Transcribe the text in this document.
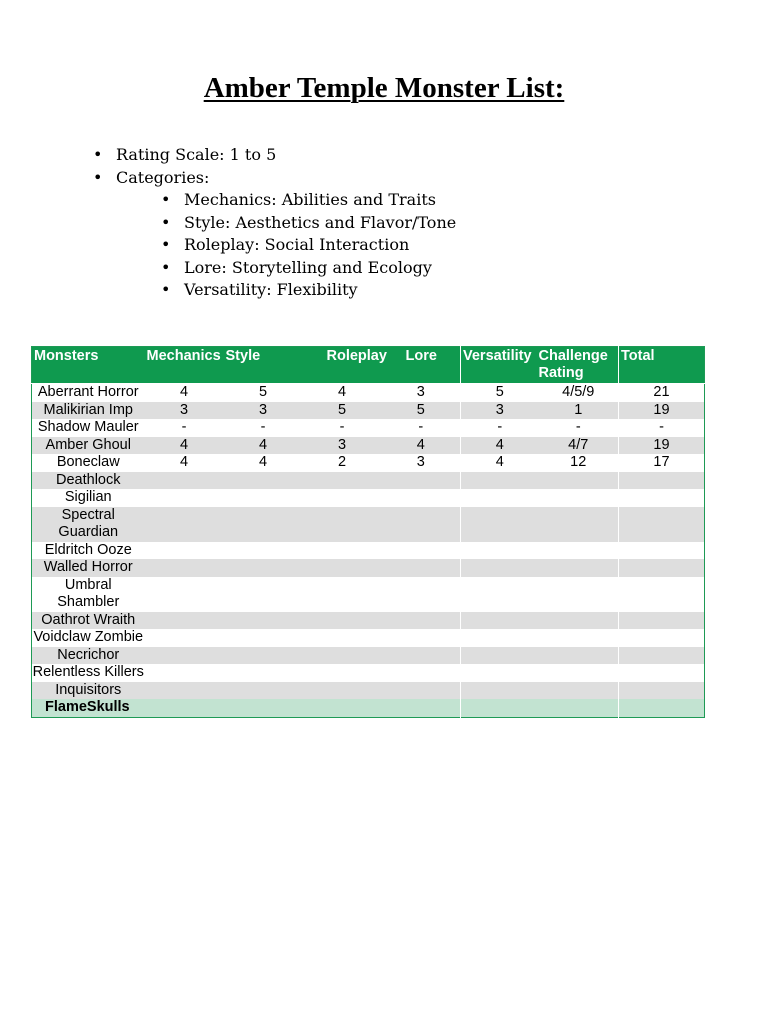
Amber Temple Monster List:
• Rating Scale: 1 to 5
• Categories:
• Mechanics: Abilities and Traits
• Style: Aesthetics and Flavor/Tone
• Roleplay: Social Interaction
• Lore: Storytelling and Ecology
• Versatility: Flexibility
Monsters	Mechanics	Style	Roleplay	Lore	Versatility	Challenge Rating	Total
Aberrant Horror	4	5	4	3	5	4/5/9	21
Malikirian Imp	3	3	5	5	3	1	19
Shadow Mauler	-	-	-	-	-	-	-
Amber Ghoul	4	4	3	4	4	4/7	19
Boneclaw	4	4	2	3	4	12	17
Deathlock							
Sigilian							
Spectral Guardian							
Eldritch Ooze							
Walled Horror							
Umbral Shambler							
Oathrot Wraith							
Voidclaw Zombie							
Necrichor							
Relentless Killers							
Inquisitors							
FlameSkulls							
